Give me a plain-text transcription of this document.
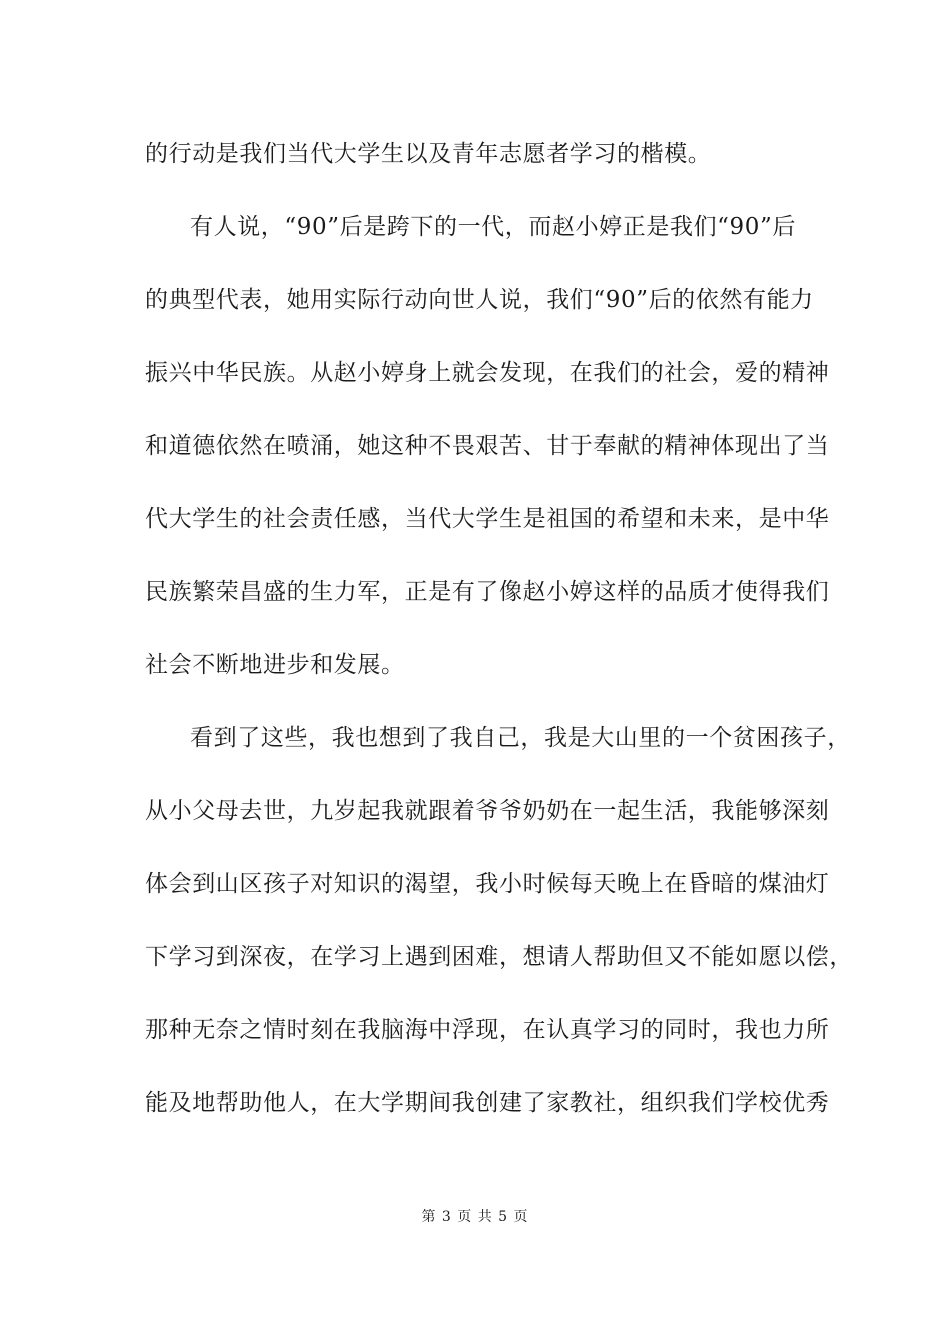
的行动是我们当代大学生以及青年志愿者学习的楷模。
有人说，“90”后是跨下的一代，而赵小婷正是我们“90”后
的典型代表，她用实际行动向世人说，我们“90”后的依然有能力
振兴中华民族。从赵小婷身上就会发现，在我们的社会，爱的精神
和道德依然在喷涌，她这种不畏艰苦、甘于奉献的精神体现出了当
代大学生的社会责任感，当代大学生是祖国的希望和未来，是中华
民族繁荣昌盛的生力军，正是有了像赵小婷这样的品质才使得我们
社会不断地进步和发展。
看到了这些，我也想到了我自己，我是大山里的一个贫困孩子，
从小父母去世，九岁起我就跟着爷爷奶奶在一起生活，我能够深刻
体会到山区孩子对知识的渴望，我小时候每天晚上在昏暗的煤油灯
下学习到深夜，在学习上遇到困难，想请人帮助但又不能如愿以偿，
那种无奈之情时刻在我脑海中浮现，在认真学习的同时，我也力所
能及地帮助他人，在大学期间我创建了家教社，组织我们学校优秀
第 3 页 共 5 页
